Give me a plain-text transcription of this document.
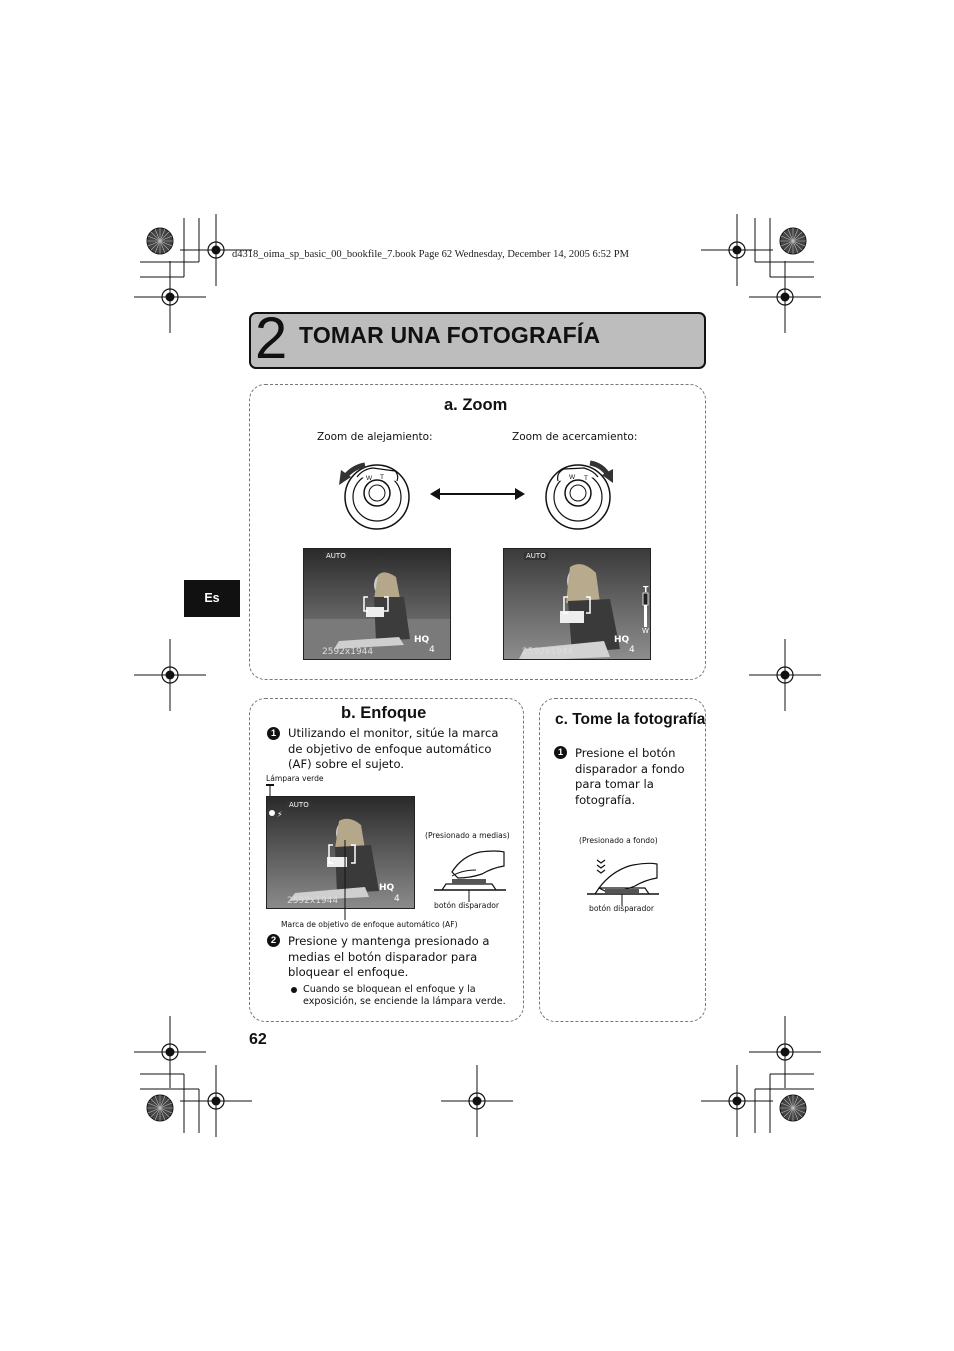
d4318_oima_sp_basic_00_bookfile_7.book Page 62 Wednesday, December 14, 2005 6:52 PM
2 TOMAR UNA FOTOGRAFÍA
Es
a. Zoom
Zoom de alejamiento:	Zoom de acercamiento:
W T	W T
AUTO
HQ
2592x1944	4
AUTO
T
W
HQ
2592x1944	4
b. Enfoque
1	Utilizando el monitor, sitúe la marca de objetivo de enfoque automático (AF) sobre el sujeto.
Lámpara verde
⚡
AUTO
HQ
2592x1944	4
Marca de objetivo de enfoque automático (AF)
(Presionado a medias)
botón disparador
2	Presione y mantenga presionado a medias el botón disparador para bloquear el enfoque.
Cuando se bloquean el enfoque y la exposición, se enciende la lámpara verde.
c. Tome la fotografía
1	Presione el botón disparador a fondo para tomar la fotografía.
(Presionado a fondo)
botón disparador
62
